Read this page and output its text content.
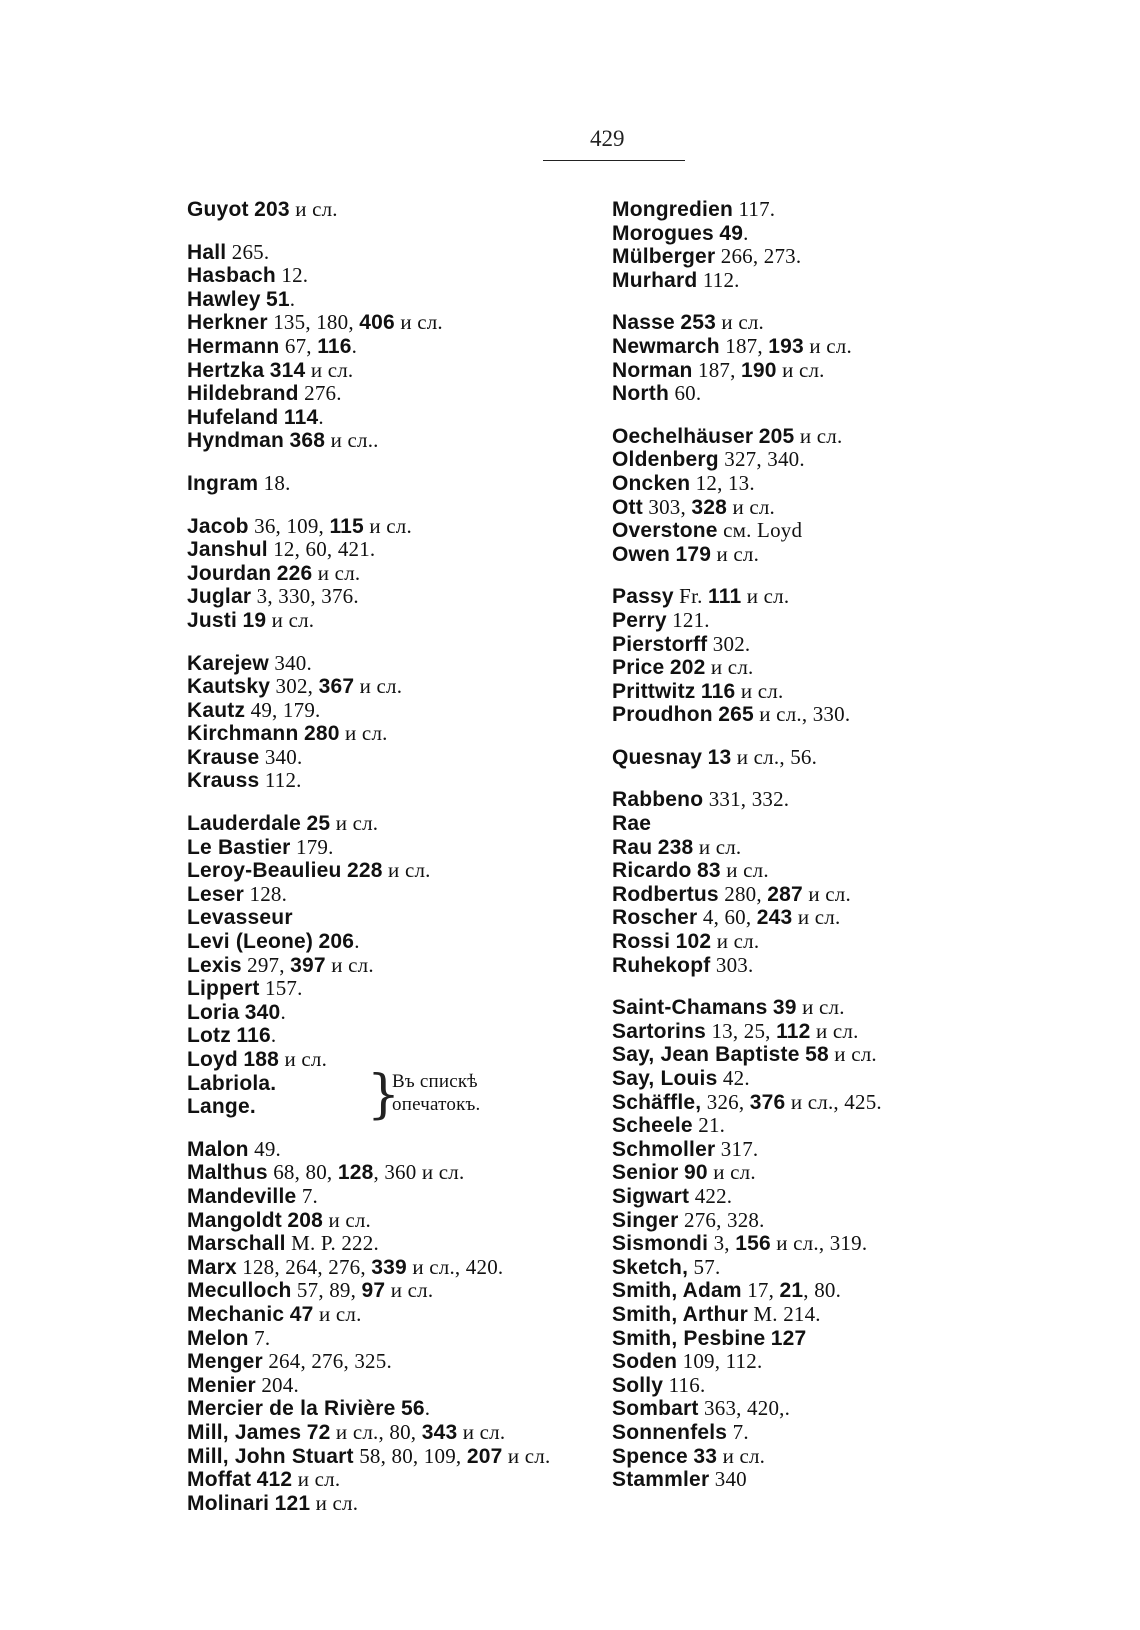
429
Guyot 203 и сл.
Hall 265.
Hasbach 12.
Hawley 51.
Herkner 135, 180, 406 и сл.
Hermann 67, 116.
Hertzka 314 и сл.
Hildebrand 276.
Hufeland 114.
Hyndman 368 и сл..
Ingram 18.
Jacob 36, 109, 115 и сл.
Janshul 12, 60, 421.
Jourdan 226 и сл.
Juglar 3, 330, 376.
Justi 19 и сл.
Karejew 340.
Kautsky 302, 367 и сл.
Kautz 49, 179.
Kirchmann 280 и сл.
Krause 340.
Krauss 112.
Lauderdale 25 и сл.
Le Bastier 179.
Leroy-Beaulieu 228 и сл.
Leser 128.
Levasseur
Levi (Leone) 206.
Lexis 297, 397 и сл.
Lippert 157.
Loria 340.
Lotz 116.
Loyd 188 и сл.
Labriola. }
Въ спискѣ
опечатокъ.
Lange.
Malon 49.
Malthus 68, 80, 128, 360 и сл.
Mandeville 7.
Mangoldt 208 и сл.
Marschall M. P. 222.
Marx 128, 264, 276, 339 и сл., 420.
Meculloch 57, 89, 97 и сл.
Mechanic 47 и сл.
Melon 7.
Menger 264, 276, 325.
Menier 204.
Mercier de la Rivière 56.
Mill, James 72 и сл., 80, 343 и сл.
Mill, John Stuart 58, 80, 109, 207 и сл.
Moffat 412 и сл.
Molinari 121 и сл.
Mongredien 117.
Morogues 49.
Mülberger 266, 273.
Murhard 112.
Nasse 253 и сл.
Newmarch 187, 193 и сл.
Norman 187, 190 и сл.
North 60.
Oechelhäuser 205 и сл.
Oldenberg 327, 340.
Oncken 12, 13.
Ott 303, 328 и сл.
Overstone см. Loyd
Owen 179 и сл.
Passy Fr. 111 и сл.
Perry 121.
Pierstorff 302.
Price 202 и сл.
Prittwitz 116 и сл.
Proudhon 265 и сл., 330.
Quesnay 13 и сл., 56.
Rabbeno 331, 332.
Rae
Rau 238 и сл.
Ricardo 83 и сл.
Rodbertus 280, 287 и сл.
Roscher 4, 60, 243 и сл.
Rossi 102 и сл.
Ruhekopf 303.
Saint-Chamans 39 и сл.
Sartorins 13, 25, 112 и сл.
Say, Jean Baptiste 58 и сл.
Say, Louis 42.
Schäffle, 326, 376 и сл., 425.
Scheele 21.
Schmoller 317.
Senior 90 и сл.
Sigwart 422.
Singer 276, 328.
Sismondi 3, 156 и сл., 319.
Sketch, 57.
Smith, Adam 17, 21, 80.
Smith, Arthur M. 214.
Smith, Pesbine 127
Soden 109, 112.
Solly 116.
Sombart 363, 420,.
Sonnenfels 7.
Spence 33 и сл.
Stammler 340
